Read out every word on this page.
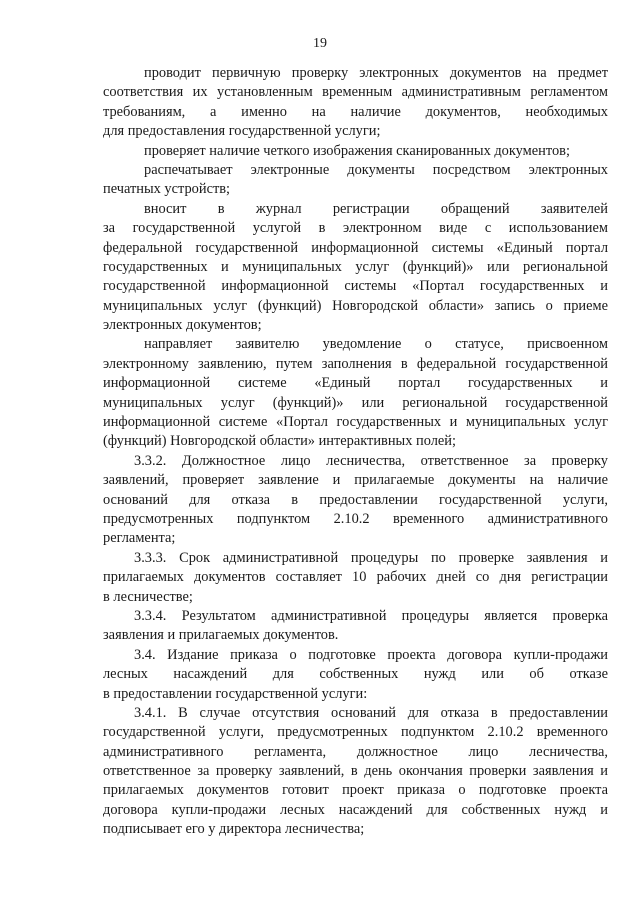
19
проводит первичную проверку электронных документов на предмет
соответствия их установленным временным административным регламентом
требованиям, а именно на наличие документов, необходимых
для предоставления государственной услуги;
проверяет наличие четкого изображения сканированных документов;
распечатывает электронные документы посредством электронных
печатных устройств;
вносит в журнал регистрации обращений заявителей
за государственной услугой в электронном виде с использованием
федеральной государственной информационной системы «Единый портал
государственных и муниципальных услуг (функций)» или региональной
государственной информационной системы «Портал государственных и
муниципальных услуг (функций) Новгородской области» запись о приеме
электронных документов;
направляет заявителю уведомление о статусе, присвоенном
электронному заявлению, путем заполнения в федеральной государственной
информационной системе «Единый портал государственных и
муниципальных услуг (функций)» или региональной государственной
информационной системе «Портал государственных и муниципальных услуг
(функций) Новгородской области» интерактивных полей;
3.3.2. Должностное лицо лесничества, ответственное за проверку
заявлений, проверяет заявление и прилагаемые документы на наличие
оснований для отказа в предоставлении государственной услуги,
предусмотренных подпунктом 2.10.2 временного административного
регламента;
3.3.3. Срок административной процедуры по проверке заявления и
прилагаемых документов составляет 10 рабочих дней со дня регистрации
в лесничестве;
3.3.4. Результатом административной процедуры является проверка
заявления и прилагаемых документов.
3.4. Издание приказа о подготовке проекта договора купли-продажи
лесных насаждений для собственных нужд или об отказе
в предоставлении государственной услуги:
3.4.1. В случае отсутствия оснований для отказа в предоставлении
государственной услуги, предусмотренных подпунктом 2.10.2 временного
административного регламента, должностное лицо лесничества,
ответственное за проверку заявлений, в день окончания проверки заявления и
прилагаемых документов готовит проект приказа о подготовке проекта
договора купли-продажи лесных насаждений для собственных нужд и
подписывает его у директора лесничества;
